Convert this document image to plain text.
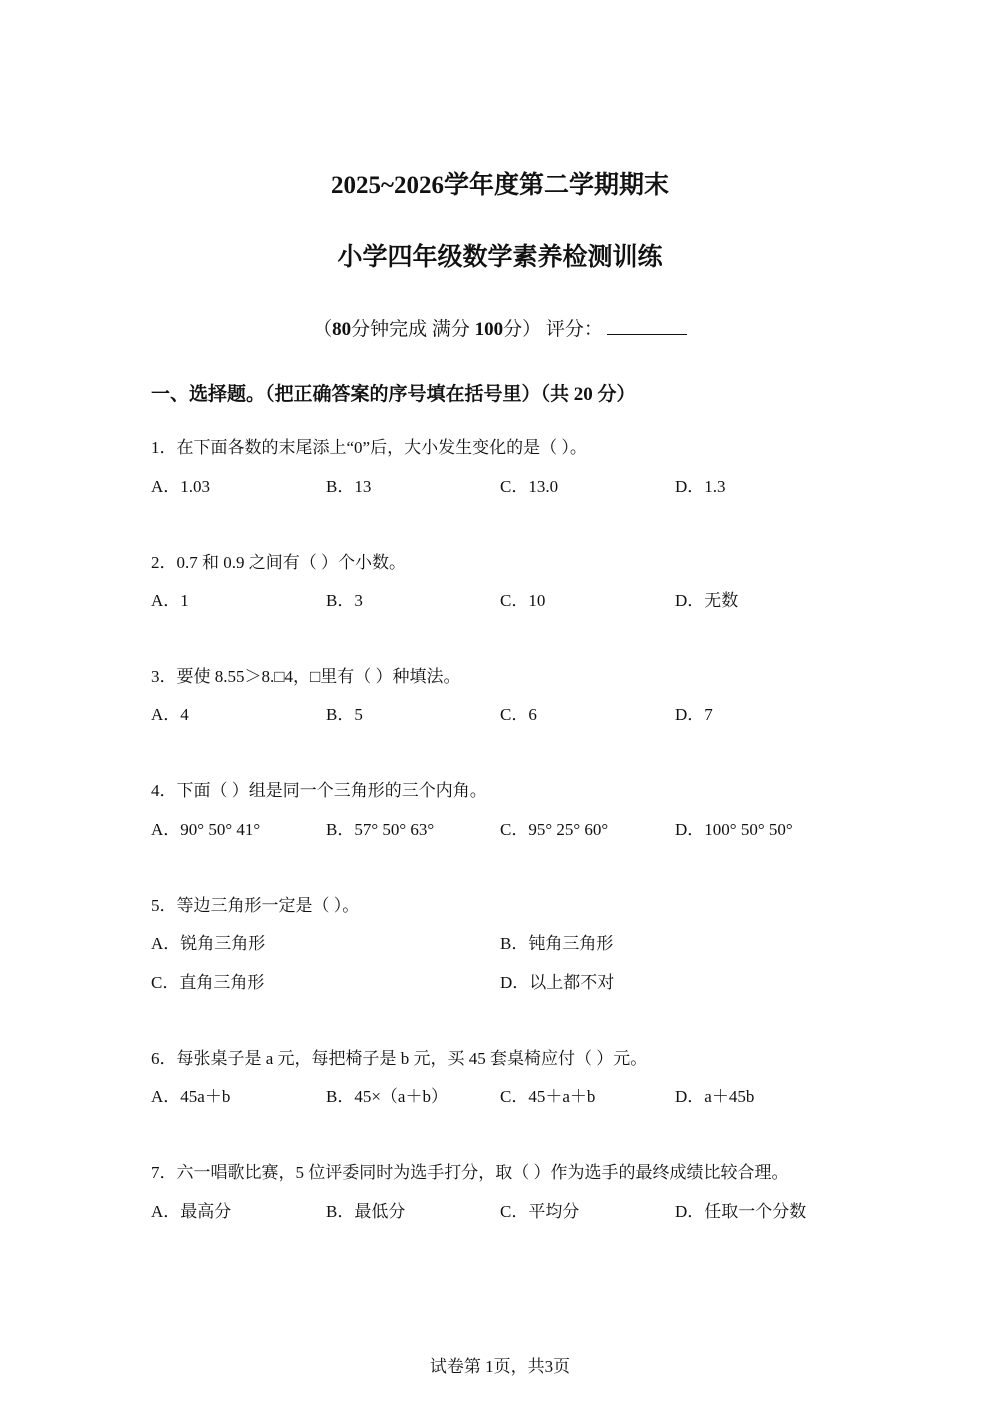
2025~2026学年度第二学期期末
小学四年级数学素养检测训练
（80分钟完成 满分 100分） 评分：
一、选择题。（把正确答案的序号填在括号里）（共 20 分）
1．在下面各数的末尾添上“0”后，大小发生变化的是（ ）。
A．1.03	B．13	C．13.0	D．1.3
2．0.7 和 0.9 之间有（ ）个小数。
A．1	B．3	C．10	D．无数
3．要使 8.55＞8.□4，□里有（ ）种填法。
A．4	B．5	C．6	D．7
4．下面（ ）组是同一个三角形的三个内角。
A．90° 50° 41°	B．57° 50° 63°	C．95° 25° 60°	D．100° 50° 50°
5．等边三角形一定是（ ）。
A．锐角三角形	B．钝角三角形
C．直角三角形	D．以上都不对
6．每张桌子是 a 元，每把椅子是 b 元，买 45 套桌椅应付（ ）元。
A．45a＋b	B．45×（a＋b）	C．45＋a＋b	D．a＋45b
7．六一唱歌比赛，5 位评委同时为选手打分，取（ ）作为选手的最终成绩比较合理。
A．最高分	B．最低分	C．平均分	D．任取一个分数
试卷第 1页，共3页
